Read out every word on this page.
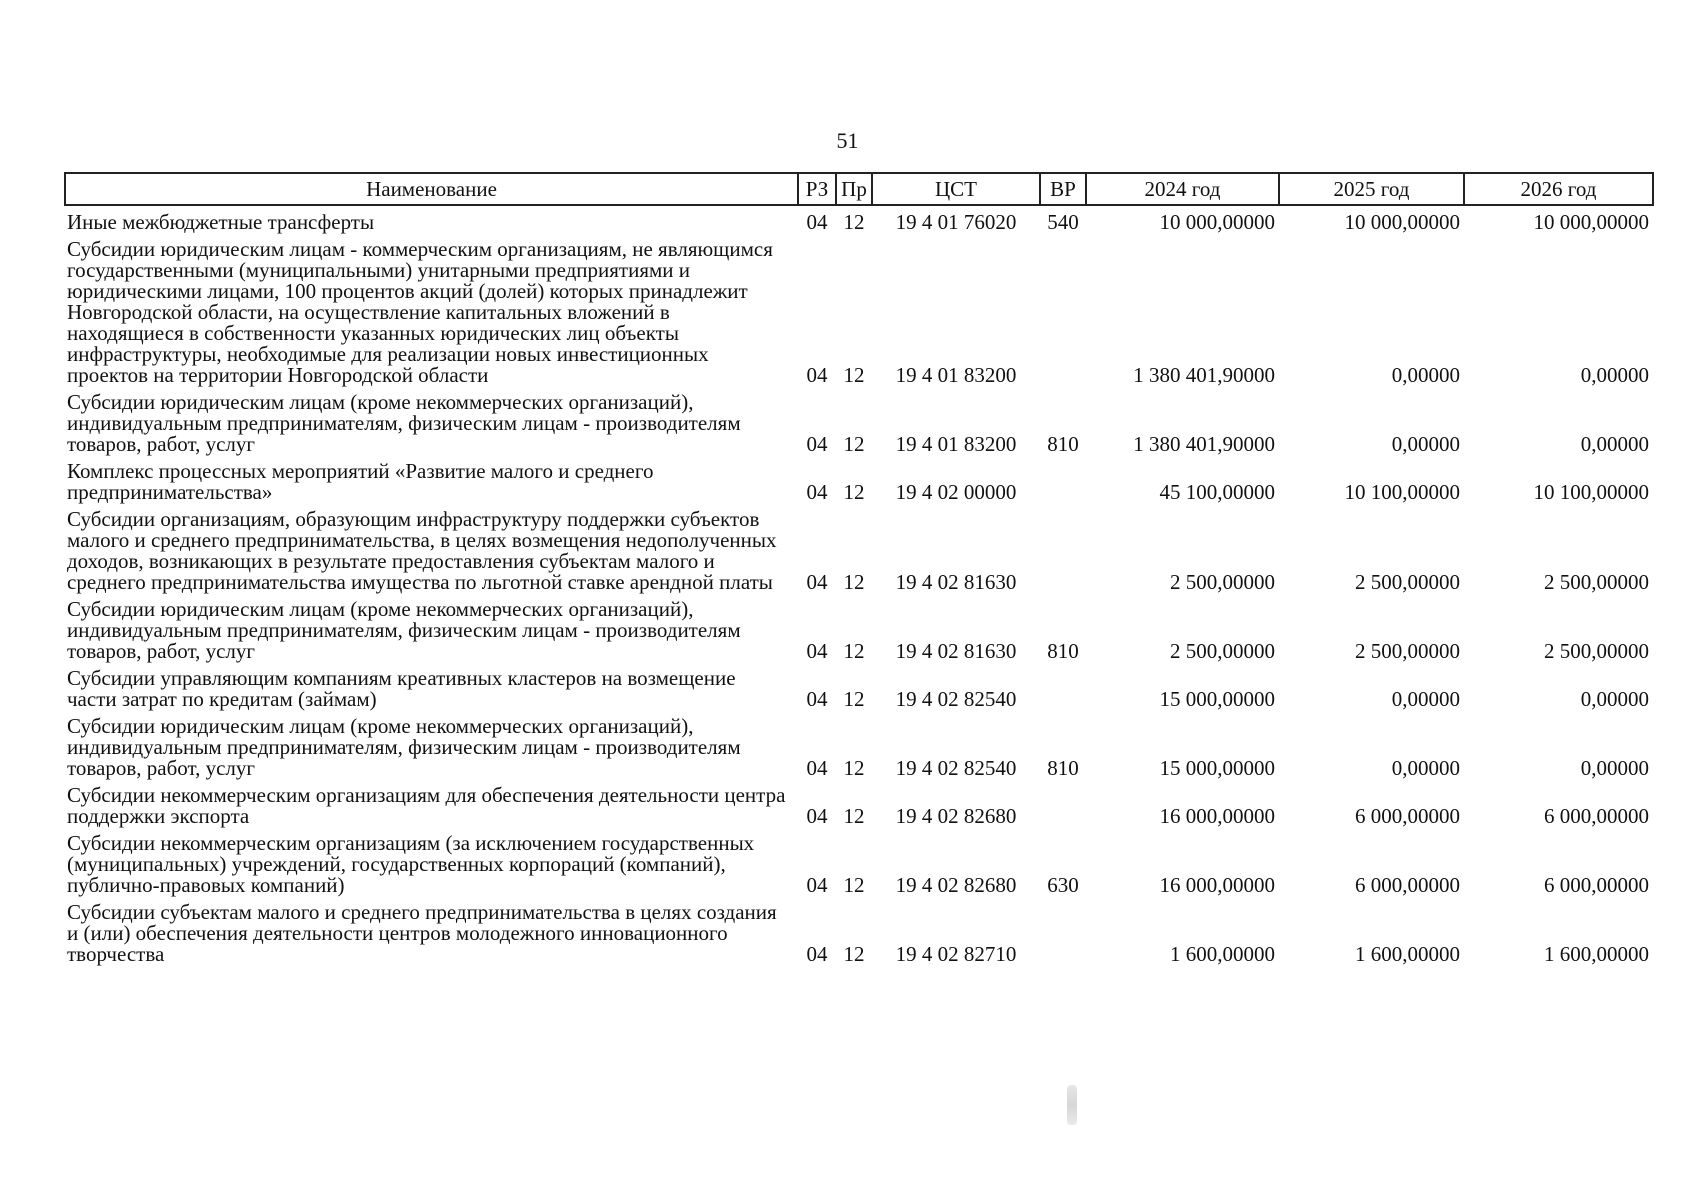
51
Наименование	РЗ	Пр	ЦСТ	ВР	2024 год	2025 год	2026 год
Иные межбюджетные трансферты	04	12	19 4 01 76020	540	10 000,00000	10 000,00000	10 000,00000
Субсидии юридическим лицам - коммерческим организациям, не являющимся государственными (муниципальными) унитарными предприятиями и юридическими лицами, 100 процентов акций (долей) которых принадлежит Новгородской области, на осуществление капитальных вложений в находящиеся в собственности указанных юридических лиц объекты инфраструктуры, необходимые для реализации новых инвестиционных проектов на территории Новгородской области	04	12	19 4 01 83200		1 380 401,90000	0,00000	0,00000
Субсидии юридическим лицам (кроме некоммерческих организаций), индивидуальным предпринимателям, физическим лицам - производителям товаров, работ, услуг	04	12	19 4 01 83200	810	1 380 401,90000	0,00000	0,00000
Комплекс процессных мероприятий «Развитие малого и среднего предпринимательства»	04	12	19 4 02 00000		45 100,00000	10 100,00000	10 100,00000
Субсидии организациям, образующим инфраструктуру поддержки субъектов малого и среднего предпринимательства, в целях возмещения недополученных доходов, возникающих в результате предоставления субъектам малого и среднего предпринимательства имущества по льготной ставке арендной платы	04	12	19 4 02 81630		2 500,00000	2 500,00000	2 500,00000
Субсидии юридическим лицам (кроме некоммерческих организаций), индивидуальным предпринимателям, физическим лицам - производителям товаров, работ, услуг	04	12	19 4 02 81630	810	2 500,00000	2 500,00000	2 500,00000
Субсидии управляющим компаниям креативных кластеров на возмещение части затрат по кредитам (займам)	04	12	19 4 02 82540		15 000,00000	0,00000	0,00000
Субсидии юридическим лицам (кроме некоммерческих организаций), индивидуальным предпринимателям, физическим лицам - производителям товаров, работ, услуг	04	12	19 4 02 82540	810	15 000,00000	0,00000	0,00000
Субсидии некоммерческим организациям для обеспечения деятельности центра поддержки экспорта	04	12	19 4 02 82680		16 000,00000	6 000,00000	6 000,00000
Субсидии некоммерческим организациям (за исключением государственных (муниципальных) учреждений, государственных корпораций (компаний), публично-правовых компаний)	04	12	19 4 02 82680	630	16 000,00000	6 000,00000	6 000,00000
Субсидии субъектам малого и среднего предпринимательства в целях создания и (или) обеспечения деятельности центров молодежного инновационного творчества	04	12	19 4 02 82710		1 600,00000	1 600,00000	1 600,00000
